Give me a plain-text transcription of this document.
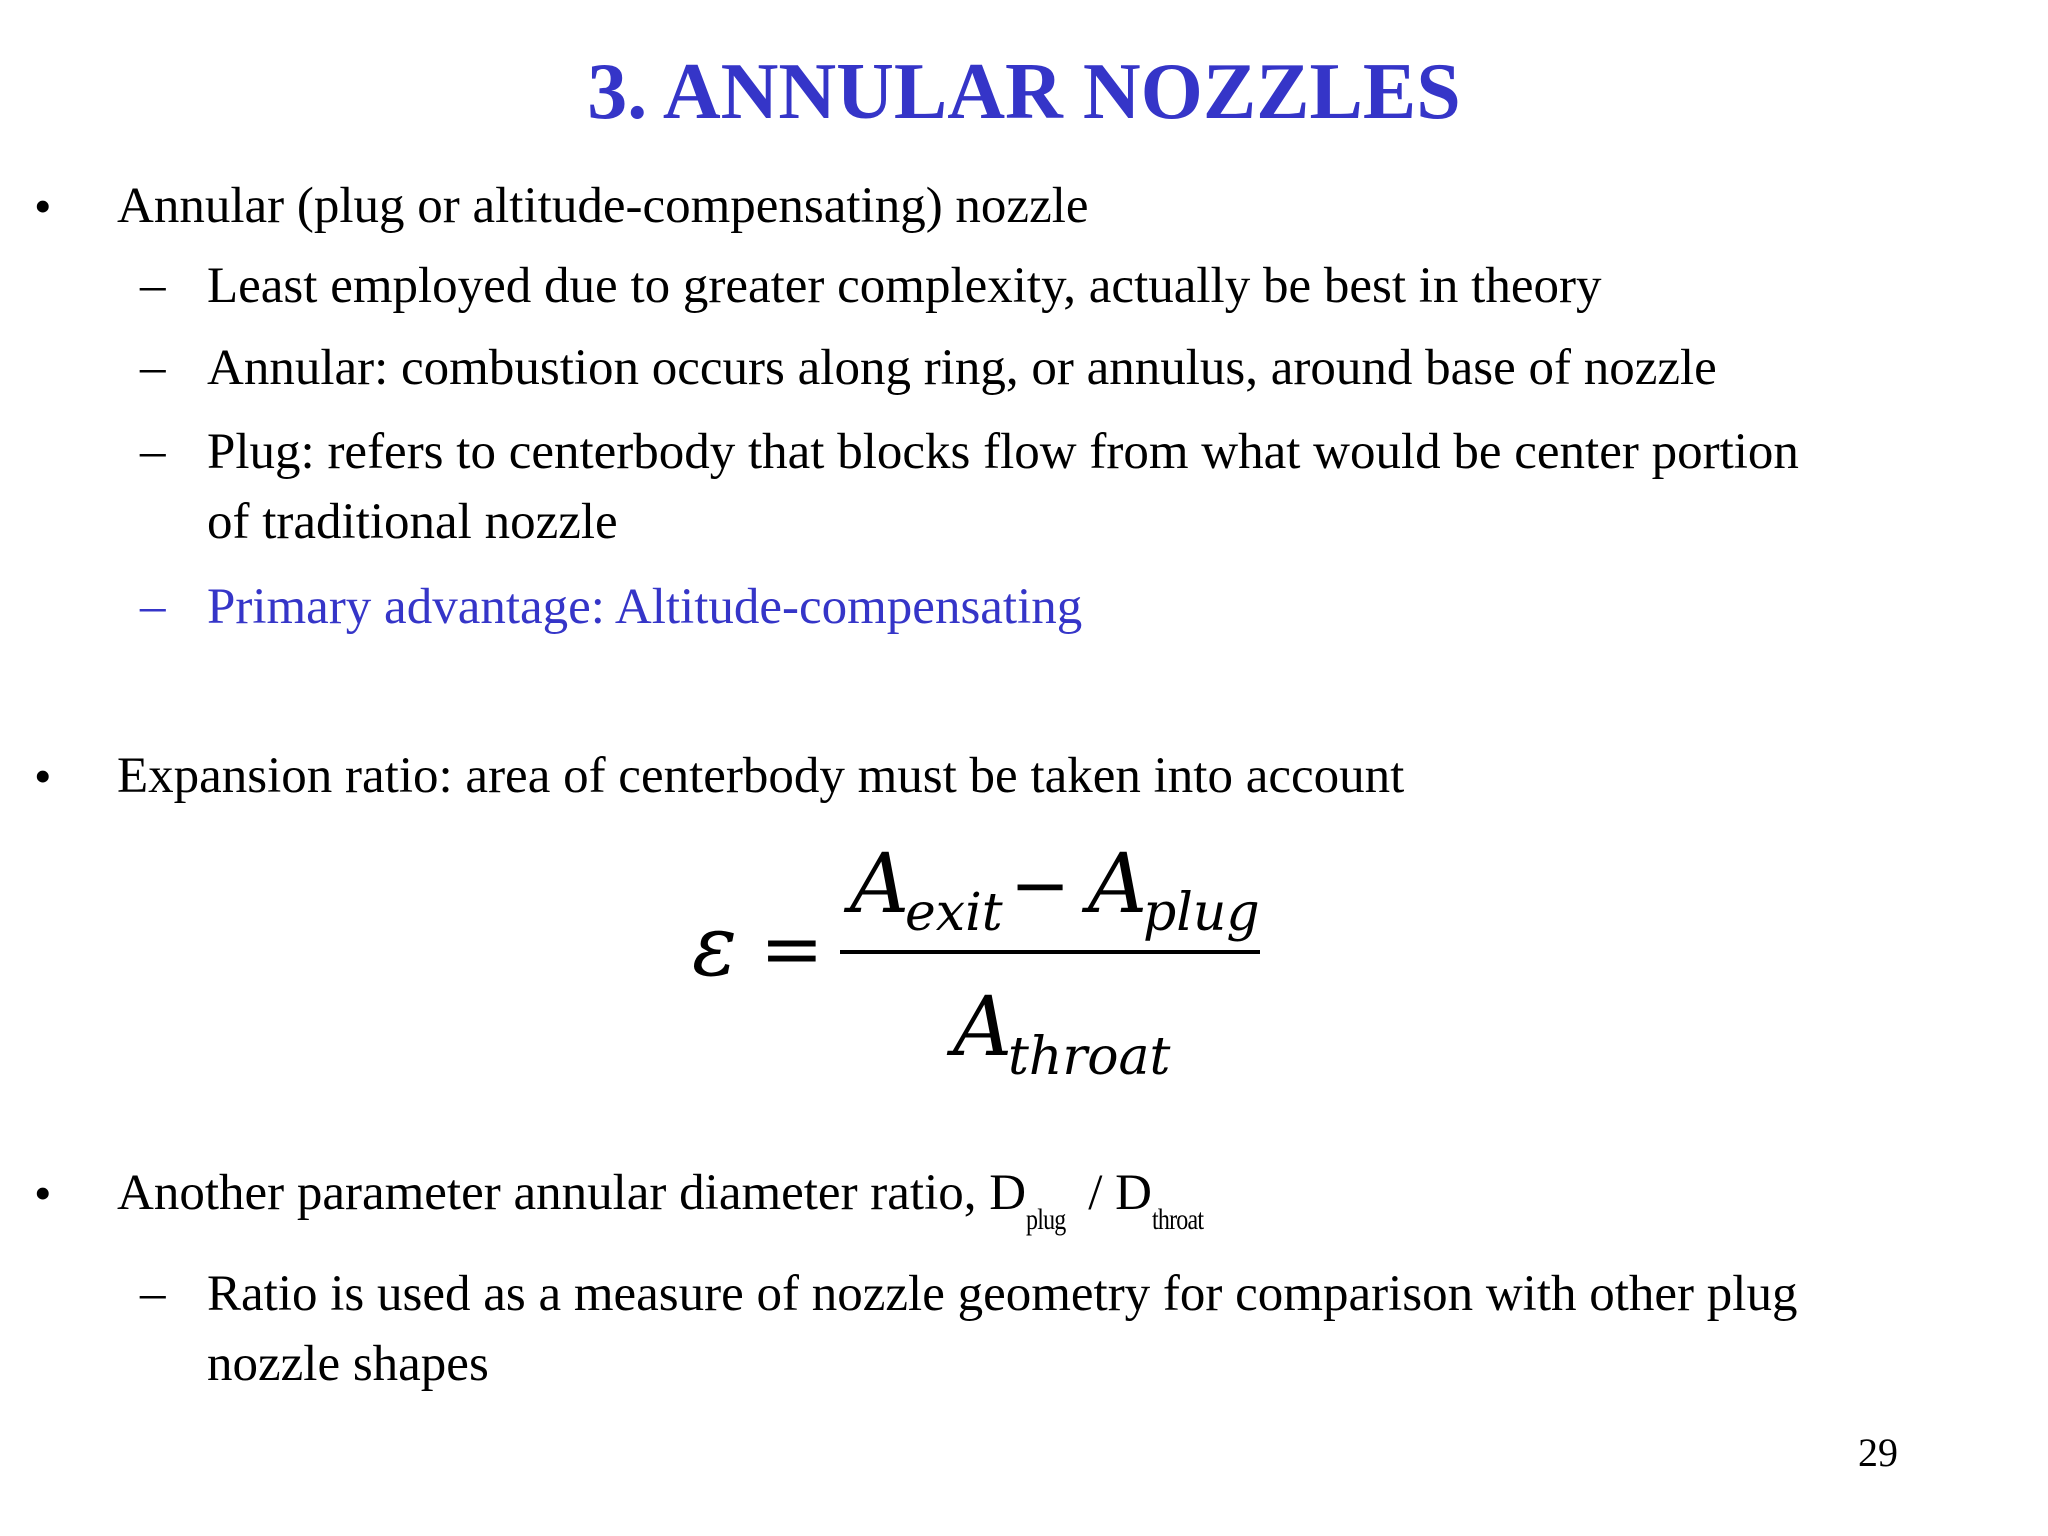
3. ANNULAR NOZZLES
• Annular (plug or altitude-compensating) nozzle
– Least employed due to greater complexity, actually be best in theory
– Annular: combustion occurs along ring, or annulus, around base of nozzle
– Plug: refers to centerbody that blocks flow from what would be center portion
of traditional nozzle
– Primary advantage: Altitude-compensating
• Expansion ratio: area of centerbody must be taken into account
ε =
A
exit − A
plug
A
throat
• Another parameter annular diameter ratio, Dplug / Dthroat
– Ratio is used as a measure of nozzle geometry for comparison with other plug
nozzle shapes
29
